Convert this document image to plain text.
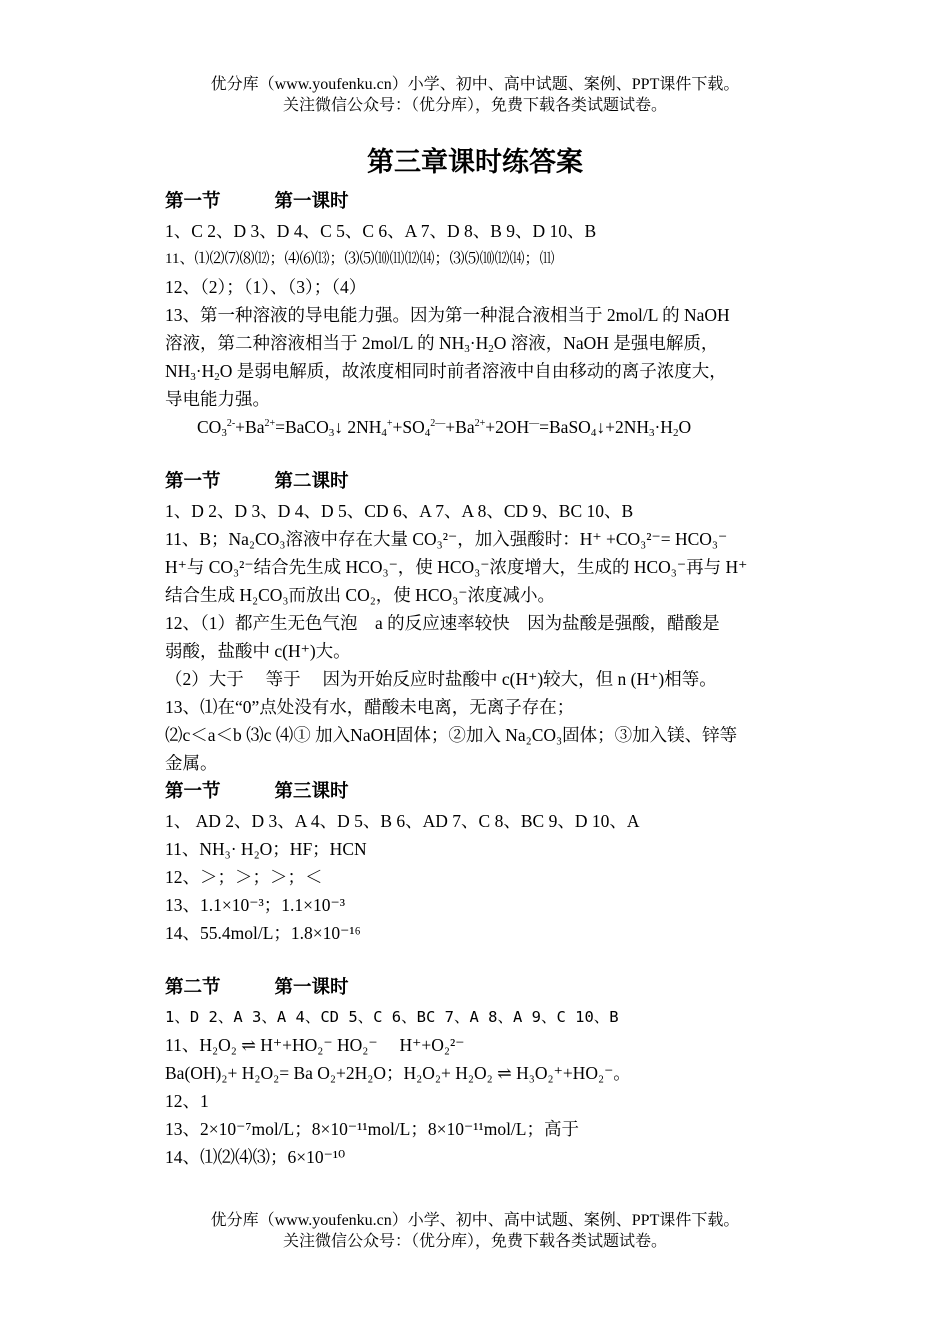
优分库（www.youfenku.cn）小学、初中、高中试题、案例、PPT课件下载。
关注微信公众号：（优分库），免费下载各类试题试卷。
第三章课时练答案
第一节	第一课时
1、C 2、D 3、D 4、C 5、C 6、A 7、D 8、B 9、D 10、B
11、⑴⑵⑺⑻⑿；⑷⑹⒀；⑶⑸⑽⑾⑿⒁；⑶⑸⑽⑿⒁；⑾
12、（2）；（1）、（3）；（4）
13、第一种溶液的导电能力强。因为第一种混合液相当于 2mol/L 的 NaOH
溶液，第二种溶液相当于 2mol/L 的 $NH_3\cdot H_2O$ 溶液，NaOH 是强电解质，
$NH_3\cdot H_2O$ 是弱电解质，故浓度相同时前者溶液中自由移动的离子浓度大，
导电能力强。
$CO_3^{2-}+Ba^{2+}=BaCO_3↓$ $2NH_4^++SO_4^{2—}+Ba^{2+}+2OH^—=BaSO_4↓+2NH_3\cdot H_2O$
第一节	第二课时
1、D 2、D 3、D 4、D 5、CD 6、A 7、A 8、CD 9、BC 10、B
11、B；Na₂CO₃溶液中存在大量 CO₃²⁻，加入强酸时：H⁺ +CO₃²⁻= HCO₃⁻
H⁺与 CO₃²⁻结合先生成 HCO₃⁻，使 HCO₃⁻浓度增大，生成的 HCO₃⁻再与 H⁺
结合生成 H₂CO₃而放出 CO₂，使 HCO₃⁻浓度减小。
12、（1）都产生无色气泡　a 的反应速率较快　因为盐酸是强酸，醋酸是
弱酸，盐酸中 c(H⁺)大。
（2）大于　 等于　 因为开始反应时盐酸中 c(H⁺)较大，但 n (H⁺)相等。
13、⑴在“0”点处没有水，醋酸未电离，无离子存在；
⑵c＜a＜b ⑶c ⑷① 加入NaOH固体；②加入 Na₂CO₃固体；③加入镁、锌等
金属。
第一节	第三课时
1、 AD 2、D 3、A 4、D 5、B 6、AD 7、C 8、BC 9、D 10、A
11、NH₃· H₂O；HF；HCN
12、＞；＞；＞；＜
13、1.1×10⁻³；1.1×10⁻³
14、55.4mol/L；1.8×10⁻¹⁶
第二节	第一课时
1、D 2、A 3、A 4、CD 5、C 6、BC 7、A 8、A 9、C 10、B
11、H₂O₂ ⇌ H⁺+HO₂⁻ HO₂⁻　 H⁺+O₂²⁻
Ba(OH)₂+ H₂O₂= Ba O₂+2H₂O；H₂O₂+ H₂O₂ ⇌ H₃O₂⁺+HO₂⁻。
12、1
13、2×10⁻⁷mol/L；8×10⁻¹¹mol/L；8×10⁻¹¹mol/L；高于
14、⑴⑵⑷⑶；6×10⁻¹⁰
优分库（www.youfenku.cn）小学、初中、高中试题、案例、PPT课件下载。
关注微信公众号：（优分库），免费下载各类试题试卷。
